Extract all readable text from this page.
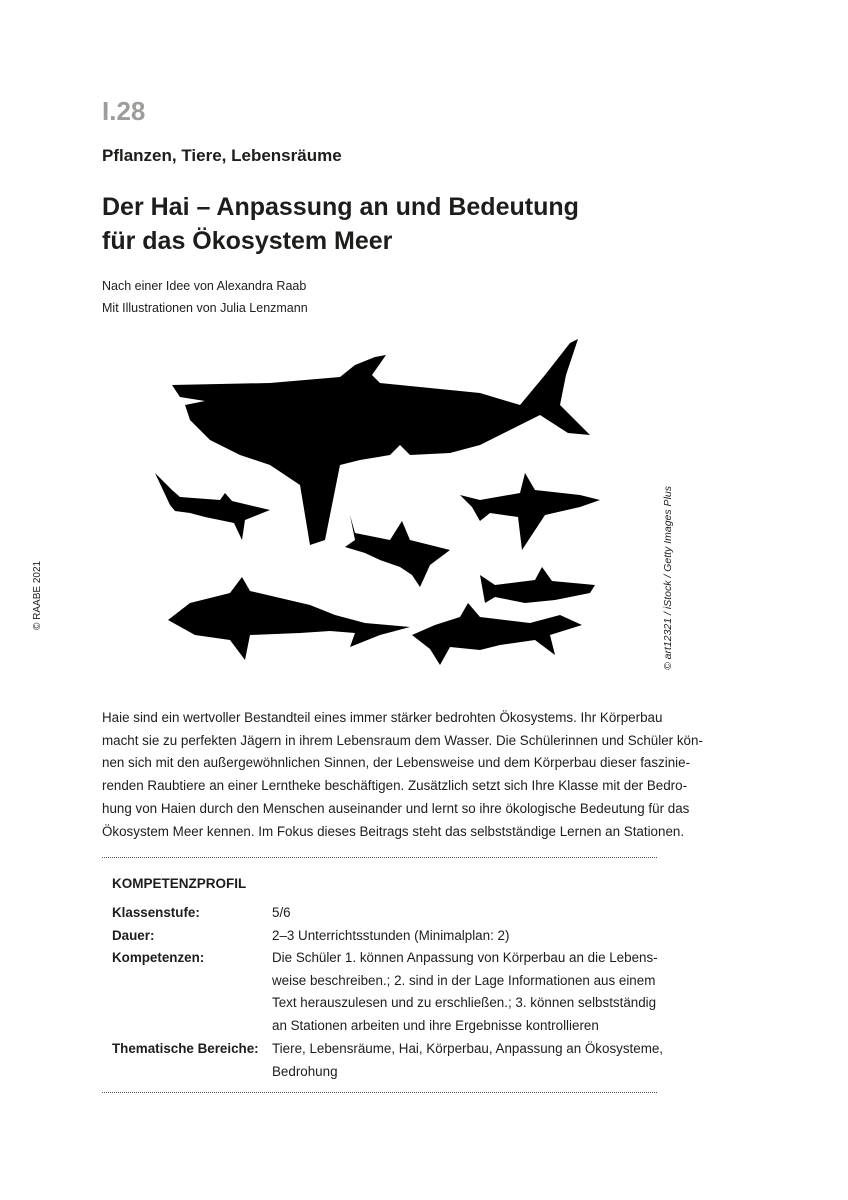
I.28
Pflanzen, Tiere, Lebensräume
Der Hai – Anpassung an und Bedeutung
für das Ökosystem Meer
Nach einer Idee von Alexandra Raab
Mit Illustrationen von Julia Lenzmann
© RAABE 2021	© art12321 / iStock / Getty Images Plus
Haie sind ein wertvoller Bestandteil eines immer stärker bedrohten Ökosystems. Ihr Körperbau
macht sie zu perfekten Jägern in ihrem Lebensraum dem Wasser. Die Schülerinnen und Schüler kön-
nen sich mit den außergewöhnlichen Sinnen, der Lebensweise und dem Körperbau dieser faszinie-
renden Raubtiere an einer Lerntheke beschäftigen. Zusätzlich setzt sich Ihre Klasse mit der Bedro-
hung von Haien durch den Menschen auseinander und lernt so ihre ökologische Bedeutung für das
Ökosystem Meer kennen. Im Fokus dieses Beitrags steht das selbstständige Lernen an Stationen.
KOMPETENZPROFIL
Klassenstufe:	5/6
Dauer:	2–3 Unterrichtsstunden (Minimalplan: 2)
Kompetenzen:	Die Schüler 1. können Anpassung von Körperbau an die Lebens-
weise beschreiben.; 2. sind in der Lage Informationen aus einem
Text herauszulesen und zu erschließen.; 3. können selbstständig
an Stationen arbeiten und ihre Ergebnisse kontrollieren
Thematische Bereiche: Tiere, Lebensräume, Hai, Körperbau, Anpassung an Ökosysteme,
Bedrohung
